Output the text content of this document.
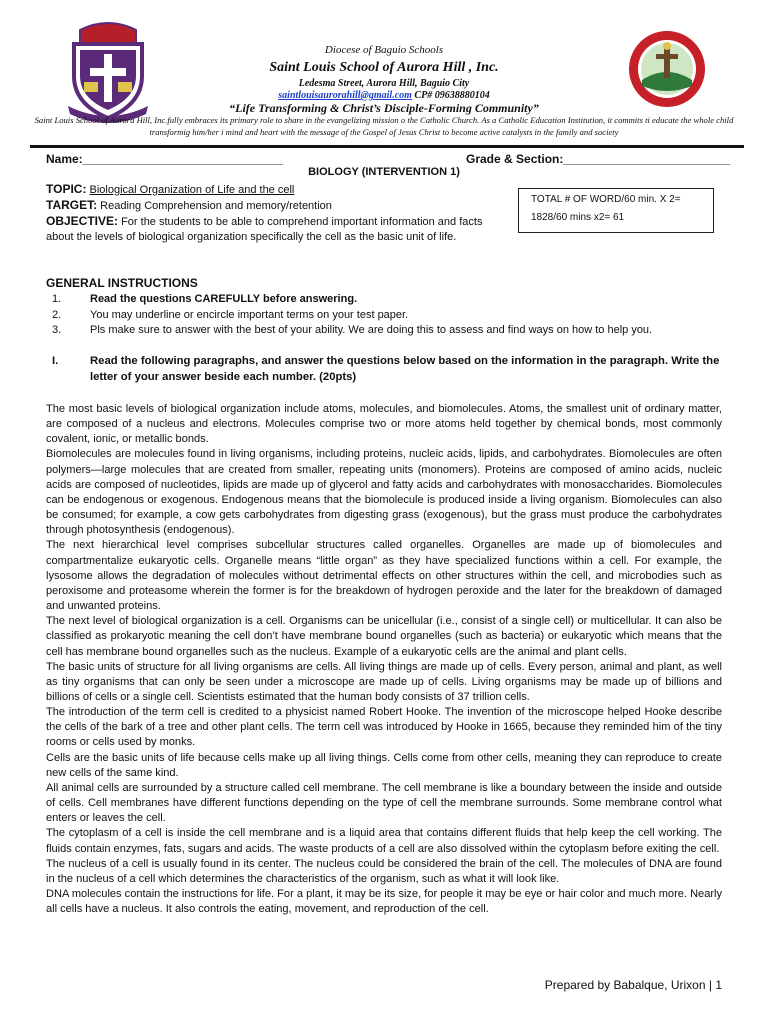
Diocese of Baguio Schools
Saint Louis School of Aurora Hill , Inc.
Ledesma Street, Aurora Hill, Baguio City
saintlouisaurorahill@gmail.com CP# 09638880104
“Life Transforming & Christ’s Disciple-Forming Community”
Saint Louis School of Aurora Hill, Inc.fully embraces its primary role to share in the evangelizing mission o the Catholic Church. As a Catholic Education Institution, it commits ti educate the whole child transformig him/her i mind and heart with the message of the Gospel of Jesus Christ to become active catalysts in the family and society
Name:______________________________	Grade & Section:_________________________
BIOLOGY (INTERVENTION 1)
TOPIC: Biological Organization of Life and the cell
TARGET: Reading Comprehension and memory/retention
OBJECTIVE: For the students to be able to comprehend important information and facts about the levels of biological organization specifically the cell as the basic unit of life.
TOTAL # OF WORD/60 min. X 2=
1828/60 mins x2= 61
GENERAL INSTRUCTIONS
1.	Read the questions CAREFULLY before answering.
2.	You may underline or encircle important terms on your test paper.
3.	Pls make sure to answer with the best of your ability. We are doing this to assess and find ways on how to help you.
I.	Read the following paragraphs, and answer the questions below based on the information in the paragraph. Write the letter of your answer beside each number. (20pts)

The most basic levels of biological organization include atoms, molecules, and biomolecules. Atoms, the smallest unit of ordinary matter, are composed of a nucleus and electrons. Molecules comprise two or more atoms held together by chemical bonds, most commonly covalent, ionic, or metallic bonds.

Biomolecules are molecules found in living organisms, including proteins, nucleic acids, lipids, and carbohydrates. Biomolecules are often polymers—large molecules that are created from smaller, repeating units (monomers). Proteins are composed of amino acids, nucleic acids are composed of nucleotides, lipids are made up of glycerol and fatty acids and carbohydrates with monosaccharides. Biomolecules can be endogenous or exogenous. Endogenous means that the biomolecule is produced inside a living organism. Biomolecules can also be consumed; for example, a cow gets carbohydrates from digesting grass (exogenous), but the grass must produce the carbohydrates through photosynthesis (endogenous).

The next hierarchical level comprises subcellular structures called organelles. Organelles are made up of biomolecules and compartmentalize eukaryotic cells. Organelle means “little organ” as they have specialized functions within a cell. For example, the lysosome allows the degradation of molecules without detrimental effects on other structures within the cell, and microbodies such as peroxisome and proteasome wherein the former is for the breakdown of hydrogen peroxide and the later for the breakdown of damaged and unwanted proteins.

The next level of biological organization is a cell. Organisms can be unicellular (i.e., consist of a single cell) or multicellular. It can also be classified as prokaryotic meaning the cell don’t have membrane bound organelles (such as bacteria) or eukaryotic which means that the cell has membrane bound organelles such as the nucleus. Example of a eukaryotic cells are the animal and plant cells.

The basic units of structure for all living organisms are cells. All living things are made up of cells. Every person, animal and plant, as well as tiny organisms that can only be seen under a microscope are made up of cells. Living organisms may be made up of billions and billions of cells or a single cell. Scientists estimated that the human body consists of 37 trillion cells.

The introduction of the term cell is credited to a physicist named Robert Hooke. The invention of the microscope helped Hooke describe the cells of the bark of a tree and other plant cells. The term cell was introduced by Hooke in 1665, because they reminded him of the tiny rooms or cells used by monks.

Cells are the basic units of life because cells make up all living things. Cells come from other cells, meaning they can reproduce to create new cells of the same kind.

All animal cells are surrounded by a structure called cell membrane. The cell membrane is like a boundary between the inside and outside of cells. Cell membranes have different functions depending on the type of cell the membrane surrounds. Some membrane control what enters or leaves the cell.

The cytoplasm of a cell is inside the cell membrane and is a liquid area that contains different fluids that help keep the cell working. The fluids contain enzymes, fats, sugars and acids. The waste products of a cell are also dissolved within the cytoplasm before exiting the cell.

The nucleus of a cell is usually found in its center. The nucleus could be considered the brain of the cell. The molecules of DNA are found in the nucleus of a cell which determines the characteristics of the organism, such as what it will look like.

DNA molecules contain the instructions for life. For a plant, it may be its size, for people it may be eye or hair color and much more. Nearly all cells have a nucleus. It also controls the eating, movement, and reproduction of the cell.

Prepared by Babalque, Urixon | 1
